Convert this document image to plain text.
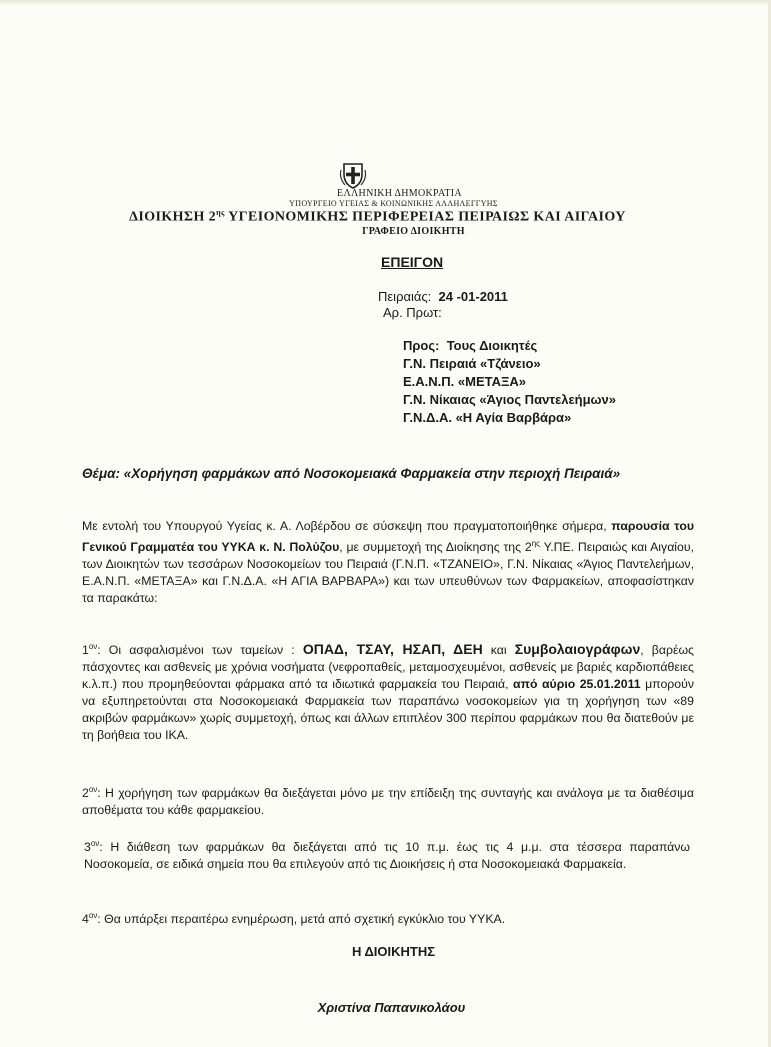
ΕΛΛΗΝΙΚΗ ΔΗΜΟΚΡΑΤΙΑ
ΥΠΟΥΡΓΕΙΟ ΥΓΕΙΑΣ & ΚΟΙΝΩΝΙΚΗΣ ΑΛΛΗΛΕΓΓΥΗΣ
ΔΙΟΙΚΗΣΗ $2^{\eta\varsigma}$ ΥΓΕΙΟΝΟΜΙΚΗΣ ΠΕΡΙΦΕΡΕΙΑΣ ΠΕΙΡΑΙΩΣ ΚΑΙ ΑΙΓΑΙΟΥ
ΓΡΑΦΕΙΟ ΔΙΟΙΚΗΤΗ
ΕΠΕΙΓΟΝ
Πειραιάς: 24 -01-2011
Αρ. Πρωτ:
Προς: Τους Διοικητές
Γ.Ν. Πειραιά «Τζάνειο»
Ε.Α.Ν.Π. «ΜΕΤΑΞΑ»
Γ.Ν. Νίκαιας «Άγιος Παντελεήμων»
Γ.Ν.Δ.Α. «Η Αγία Βαρβάρα»
Θέμα: «Χορήγηση φαρμάκων από Νοσοκομειακά Φαρμακεία στην περιοχή Πειραιά»
Με εντολή του Υπουργού Υγείας κ. Α. Λοβέρδου σε σύσκεψη που πραγματοποιήθηκε σήμερα, παρουσία του Γενικού Γραμματέα του ΥΥΚΑ κ. Ν. Πολύζου, με συμμετοχή της Διοίκησης της $2^{\eta\varsigma}$ Υ.ΠΕ. Πειραιώς και Αιγαίου, των Διοικητών των τεσσάρων Νοσοκομείων του Πειραιά (Γ.Ν.Π. «ΤΖΑΝΕΙΟ», Γ.Ν. Νίκαιας «Άγιος Παντελεήμων, Ε.Α.Ν.Π. «ΜΕΤΑΞΑ» και Γ.Ν.Δ.Α. «Η ΑΓΙΑ ΒΑΡΒΑΡΑ») και των υπευθύνων των Φαρμακείων, αποφασίστηκαν τα παρακάτω:
$1^{o\nu}$: Οι ασφαλισμένοι των ταμείων : ΟΠΑΔ, ΤΣΑΥ, ΗΣΑΠ, ΔΕΗ και Συμβολαιογράφων, βαρέως πάσχοντες και ασθενείς με χρόνια νοσήματα (νεφροπαθείς, μεταμοσχευμένοι, ασθενείς με βαριές καρδιοπάθειες κ.λ.π.) που προμηθεύονται φάρμακα από τα ιδιωτικά φαρμακεία του Πειραιά, από αύριο 25.01.2011 μπορούν να εξυπηρετούνται στα Νοσοκομειακά Φαρμακεία των παραπάνω νοσοκομείων για τη χορήγηση των «89 ακριβών φαρμάκων» χωρίς συμμετοχή, όπως και άλλων επιπλέον 300 περίπου φαρμάκων που θα διατεθούν με τη βοήθεια του ΙΚΑ.
$2^{o\nu}$: Η χορήγηση των φαρμάκων θα διεξάγεται μόνο με την επίδειξη της συνταγής και ανάλογα με τα διαθέσιμα αποθέματα του κάθε φαρμακείου.
$3^{o\nu}$: Η διάθεση των φαρμάκων θα διεξάγεται από τις 10 π.μ. έως τις 4 μ.μ. στα τέσσερα παραπάνω Νοσοκομεία, σε ειδικά σημεία που θα επιλεγούν από τις Διοικήσεις ή στα Νοσοκομειακά Φαρμακεία.
$4^{o\nu}$: Θα υπάρξει περαιτέρω ενημέρωση, μετά από σχετική εγκύκλιο του ΥΥΚΑ.
Η ΔΙΟΙΚΗΤΗΣ
Χριστίνα Παπανικολάου
